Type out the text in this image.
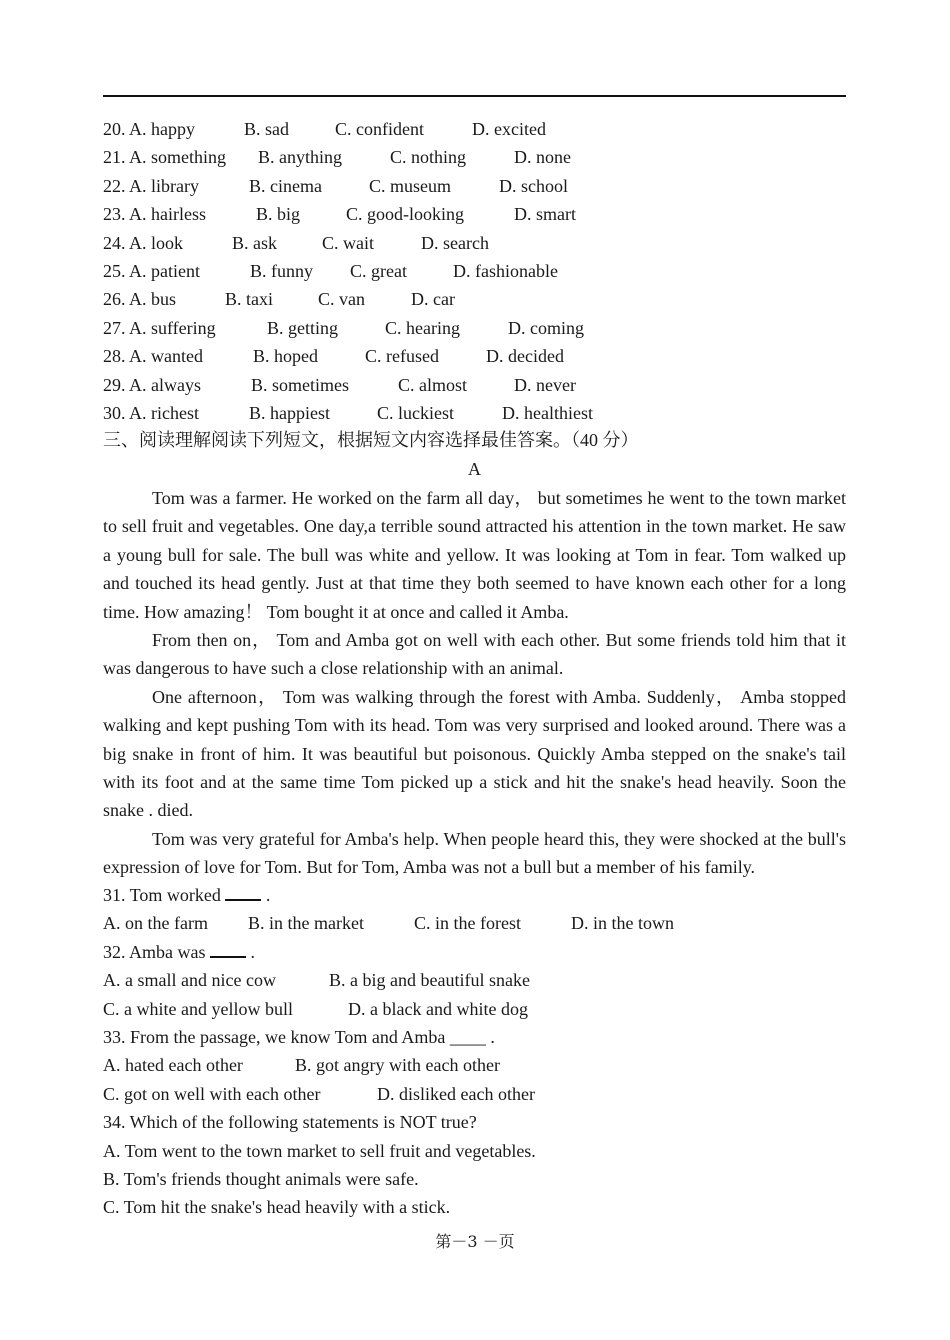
20. A. happy	B. sad	C. confident	D. excited
21. A. something B. anything	C. nothing	D. none
22. A. library	B. cinema	C. museum	D. school
23. A. hairless	B. big	C. good-looking	D. smart
24. A. look	B. ask	C. wait	D. search
25. A. patient	B. funny C. great	D. fashionable
26. A. bus	B. taxi	C. van	D. car
27. A. suffering	B. getting	C. hearing	D. coming
28. A. wanted	B. hoped	C. refused	D. decided
29. A. always	B. sometimes	C. almost	D. never
30. A. richest	B. happiest	C. luckiest	D. healthiest
三、阅读理解阅读下列短文，根据短文内容选择最佳答案。（40 分）
A
Tom was a farmer. He worked on the farm all day， but sometimes he went to the town market to sell fruit and vegetables. One day,a terrible sound attracted his attention in the town market. He saw a young bull for sale. The bull was white and yellow. It was looking at Tom in fear. Tom walked up and touched its head gently. Just at that time they both seemed to have known each other for a long time. How amazing！ Tom bought it at once and called it Amba.
From then on， Tom and Amba got on well with each other. But some friends told him that it was dangerous to have such a close relationship with an animal.
One afternoon， Tom was walking through the forest with Amba. Suddenly， Amba stopped walking and kept pushing Tom with its head. Tom was very surprised and looked around. There was a big snake in front of him. It was beautiful but poisonous. Quickly Amba stepped on the snake's tail with its foot and at the same time Tom picked up a stick and hit the snake's head heavily. Soon the snake . died.
Tom was very grateful for Amba's help. When people heard this, they were shocked at the bull's expression of love for Tom. But for Tom, Amba was not a bull but a member of his family.
31. Tom worked	.
A. on the farm B. in the market	C. in the forest	D. in the town
32. Amba was	.
A. a small and nice cow	B. a big and beautiful snake
C. a white and yellow bull	D. a black and white dog
33. From the passage, we know Tom and Amba ____ .
A. hated each other	B. got angry with each other
C. got on well with each other	D. disliked each other
34. Which of the following statements is NOT true?
A. Tom went to the town market to sell fruit and vegetables.
B. Tom's friends thought animals were safe.
C. Tom hit the snake's head heavily with a stick.
第－3 －页
